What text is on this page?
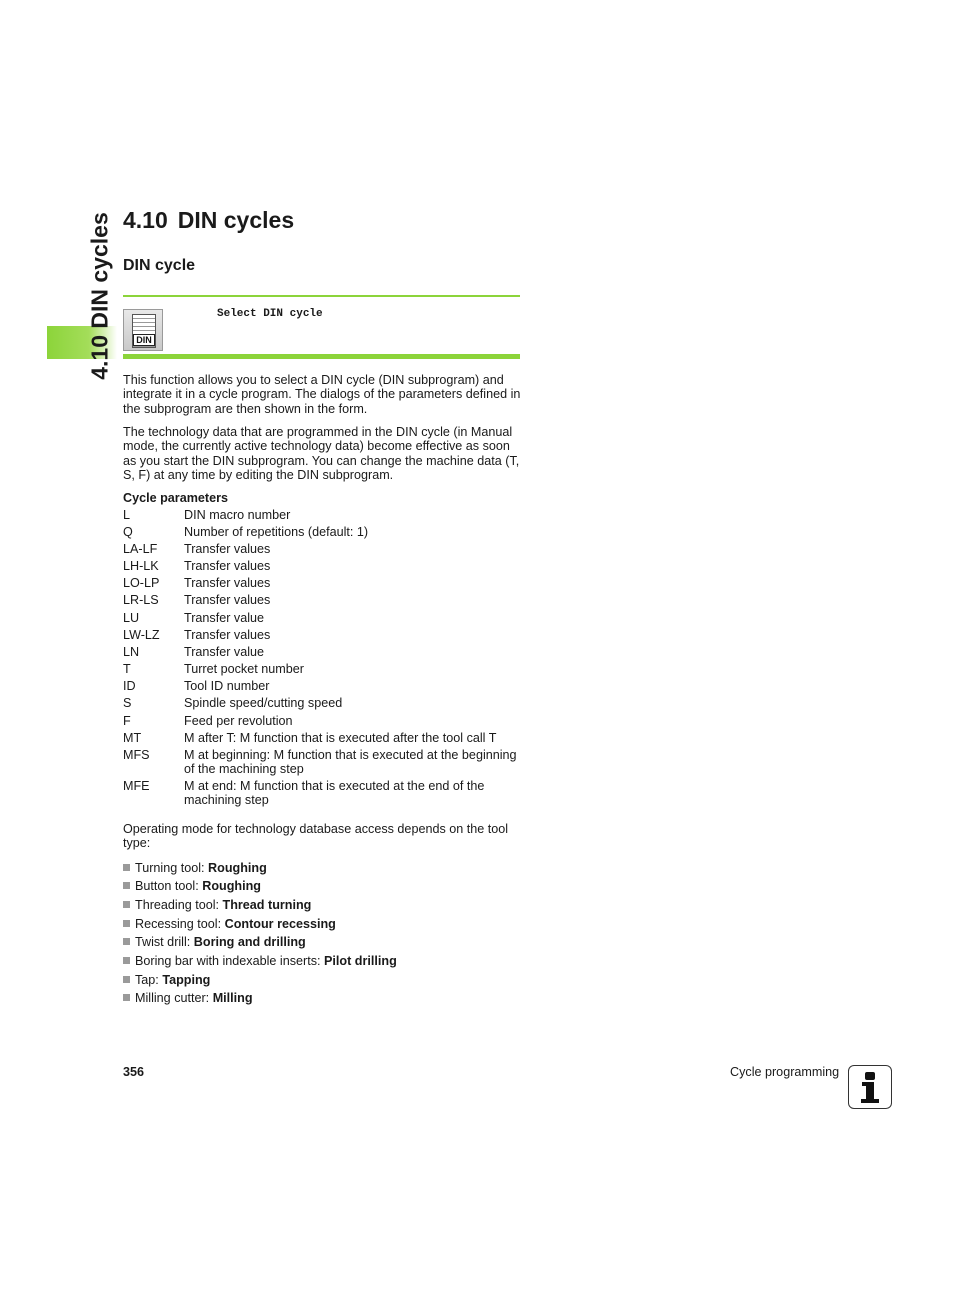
4.10 DIN cycles 4.10 DIN cycles
DIN cycle
DIN
Select DIN cycle
This function allows you to select a DIN cycle (DIN subprogram) and integrate it in a cycle program. The dialogs of the parameters defined in the subprogram are then shown in the form.
The technology data that are programmed in the DIN cycle (in Manual mode, the currently active technology data) become effective as soon as you start the DIN subprogram. You can change the machine data (T, S, F) at any time by editing the DIN subprogram.
Cycle parameters
L	DIN macro number
Q	Number of repetitions (default: 1)
LA-LF Transfer values
LH-LK Transfer values
LO-LP Transfer values
LR-LS Transfer values
LU	Transfer value
LW-LZ Transfer values
LN	Transfer value
T	Turret pocket number
ID	Tool ID number
S	Spindle speed/cutting speed
F	Feed per revolution
MT	M after T: M function that is executed after the tool call T
MFS	M at beginning: M function that is executed at the beginning of the machining step
MFE	M at end: M function that is executed at the end of the machining step
Operating mode for technology database access depends on the tool type:
Turning tool: Roughing
Button tool: Roughing
Threading tool: Thread turning
Recessing tool: Contour recessing
Twist drill: Boring and drilling
Boring bar with indexable inserts: Pilot drilling
Tap: Tapping
Milling cutter: Milling
356	Cycle programming
